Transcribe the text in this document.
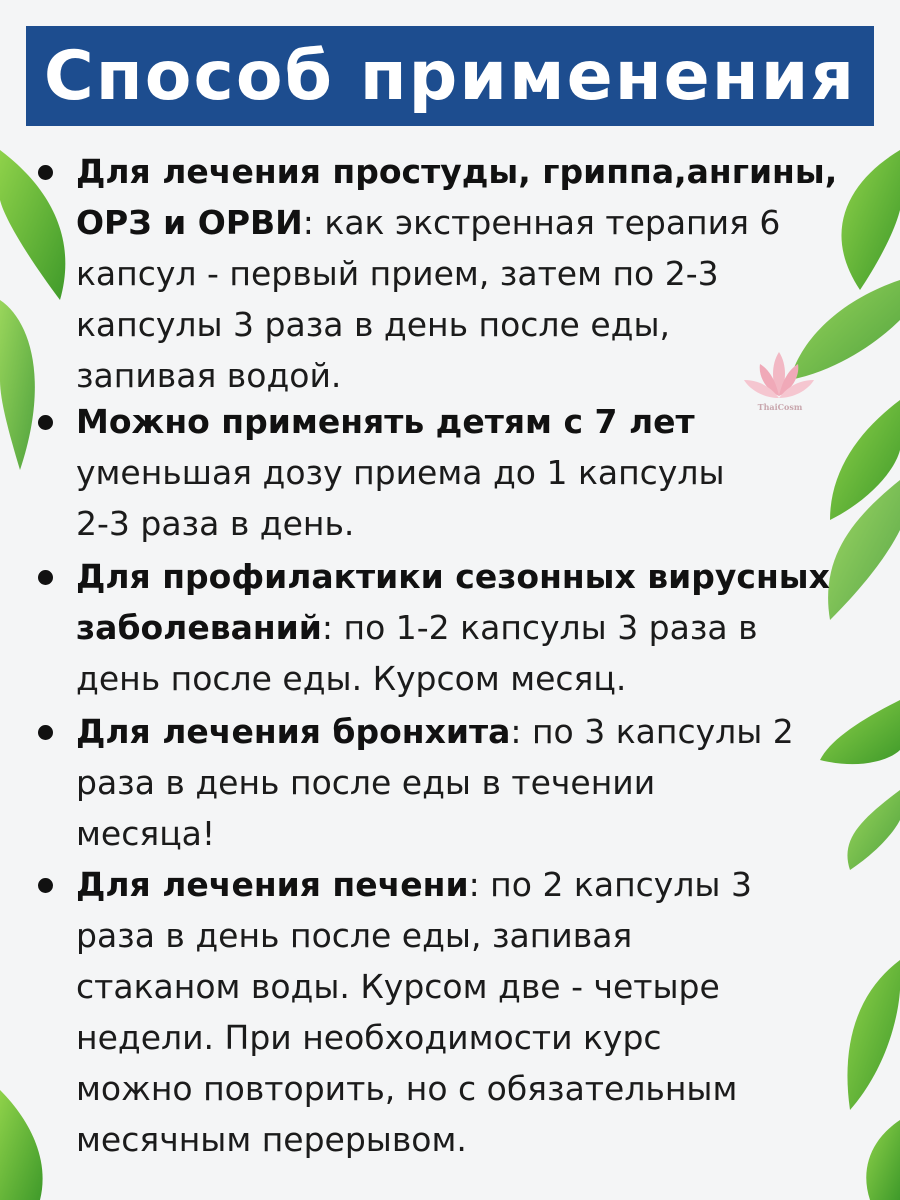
Способ применения
ThaiCosm
Для лечения простуды, гриппа,ангины,
ОРЗ и ОРВИ: как экстренная терапия 6
капсул - первый прием, затем по 2-3
капсулы 3 раза в день после еды,
запивая водой.
Можно применять детям с 7 лет
уменьшая дозу приема до 1 капсулы
2-3 раза в день.
Для профилактики сезонных вирусных
заболеваний: по 1-2 капсулы 3 раза в
день после еды. Курсом месяц.
Для лечения бронхита: по 3 капсулы 2
раза в день после еды в течении
месяца!
Для лечения печени: по 2 капсулы 3
раза в день после еды, запивая
стаканом воды. Курсом две - четыре
недели. При необходимости курс
можно повторить, но с обязательным
месячным перерывом.
